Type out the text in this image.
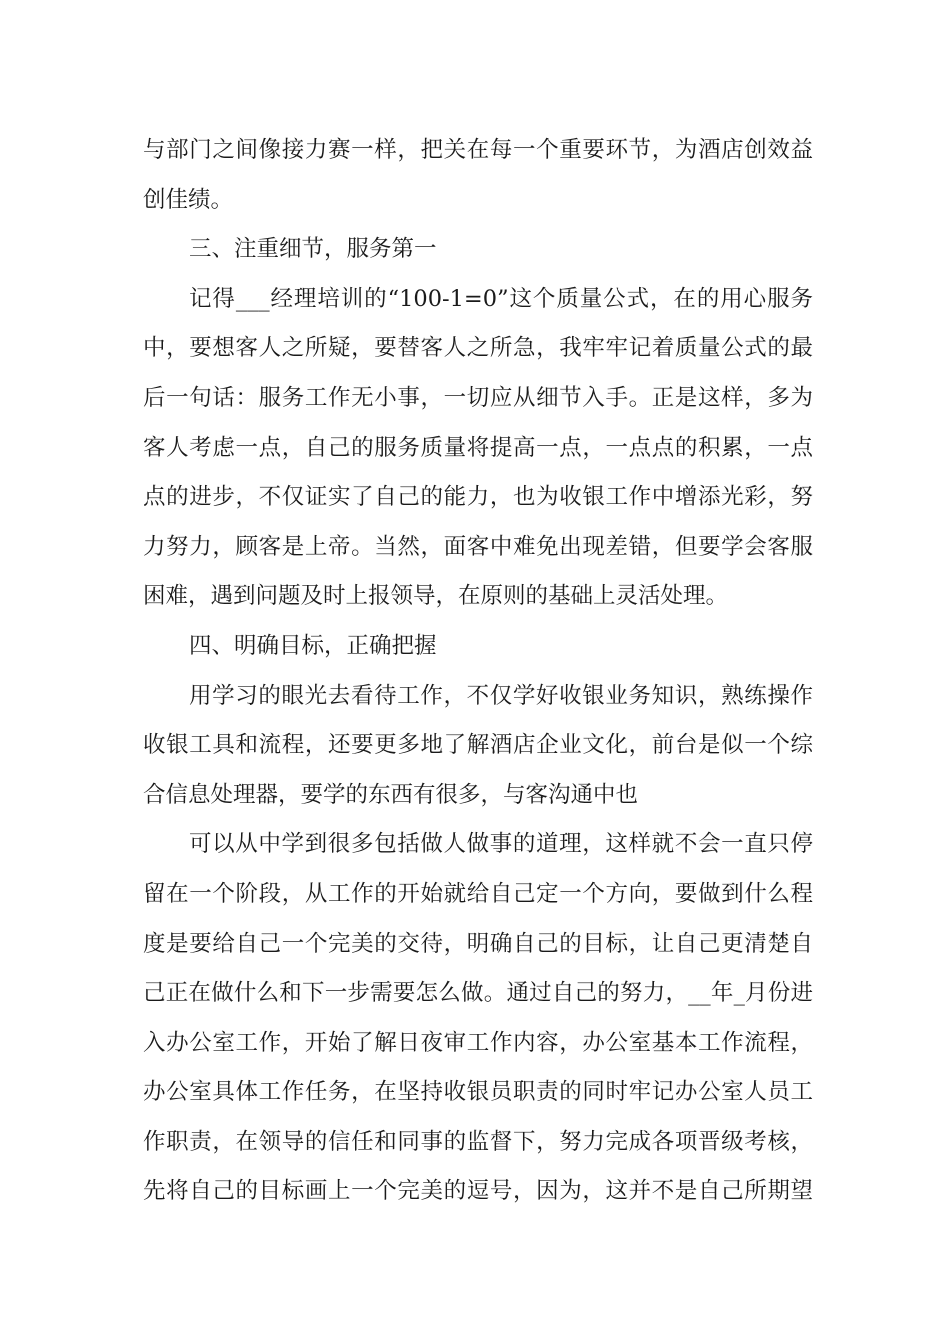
与部门之间像接力赛一样，把关在每一个重要环节，为酒店创效益
创佳绩。
三、注重细节，服务第一
记得___经理培训的“100-1=0”这个质量公式，在的用心服务
中，要想客人之所疑，要替客人之所急，我牢牢记着质量公式的最
后一句话：服务工作无小事，一切应从细节入手。正是这样，多为
客人考虑一点，自己的服务质量将提高一点，一点点的积累，一点
点的进步，不仅证实了自己的能力，也为收银工作中增添光彩，努
力努力，顾客是上帝。当然，面客中难免出现差错，但要学会客服
困难，遇到问题及时上报领导，在原则的基础上灵活处理。
四、明确目标，正确把握
用学习的眼光去看待工作，不仅学好收银业务知识，熟练操作
收银工具和流程，还要更多地了解酒店企业文化，前台是似一个综
合信息处理器，要学的东西有很多，与客沟通中也
可以从中学到很多包括做人做事的道理，这样就不会一直只停
留在一个阶段，从工作的开始就给自己定一个方向，要做到什么程
度是要给自己一个完美的交待，明确自己的目标，让自己更清楚自
己正在做什么和下一步需要怎么做。通过自己的努力，__年_月份进
入办公室工作，开始了解日夜审工作内容，办公室基本工作流程，
办公室具体工作任务，在坚持收银员职责的同时牢记办公室人员工
作职责，在领导的信任和同事的监督下，努力完成各项晋级考核，
先将自己的目标画上一个完美的逗号，因为，这并不是自己所期望
